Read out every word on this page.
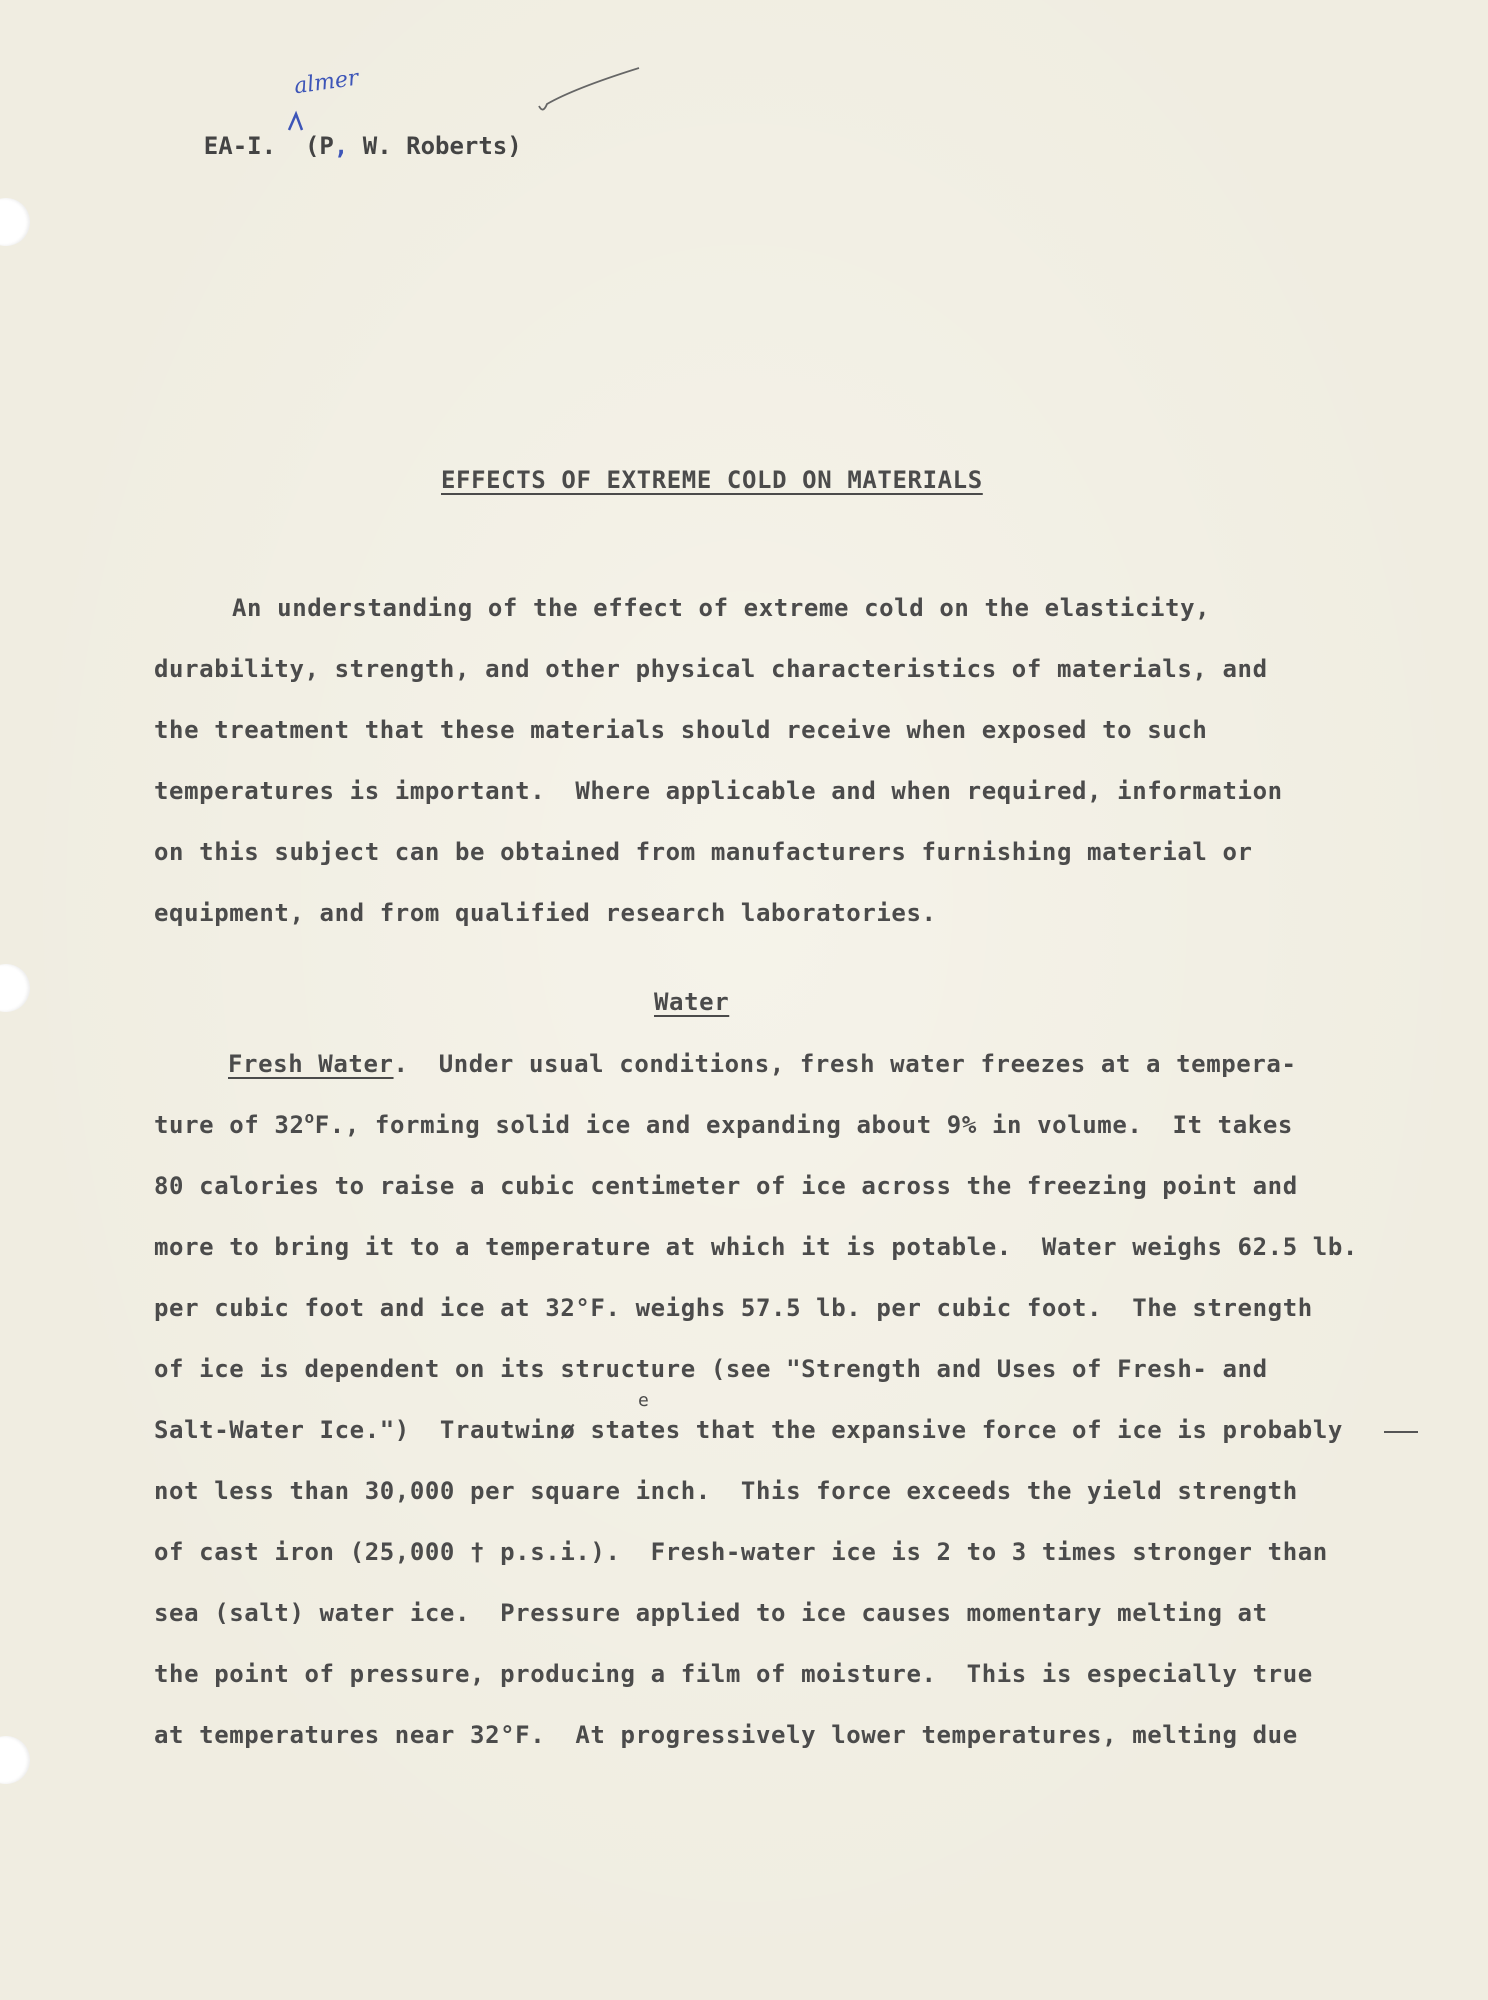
EA-I. (P, W. Roberts)

almer
EFFECTS OF EXTREME COLD ON MATERIALS
An understanding of the effect of extreme cold on the elasticity,
durability, strength, and other physical characteristics of materials, and
the treatment that these materials should receive when exposed to such
temperatures is important.  Where applicable and when required, information
on this subject can be obtained from manufacturers furnishing material or
equipment, and from qualified research laboratories.
Water
Fresh Water.  Under usual conditions, fresh water freezes at a tempera-
ture of 32$^o$F., forming solid ice and expanding about 9% in volume.  It takes
80 calories to raise a cubic centimeter of ice across the freezing point and
more to bring it to a temperature at which it is potable.  Water weighs 62.5 lb.
per cubic foot and ice at 32°F. weighs 57.5 lb. per cubic foot.  The strength
of ice is dependent on its structure (see "Strength and Uses of Fresh- and
Salt-Water Ice.")  Trautwinø states that the expansive force of ice is probably
e
not less than 30,000 per square inch.  This force exceeds the yield strength
of cast iron (25,000 † p.s.i.).  Fresh-water ice is 2 to 3 times stronger than
sea (salt) water ice.  Pressure applied to ice causes momentary melting at
the point of pressure, producing a film of moisture.  This is especially true
at temperatures near 32°F.  At progressively lower temperatures, melting due
